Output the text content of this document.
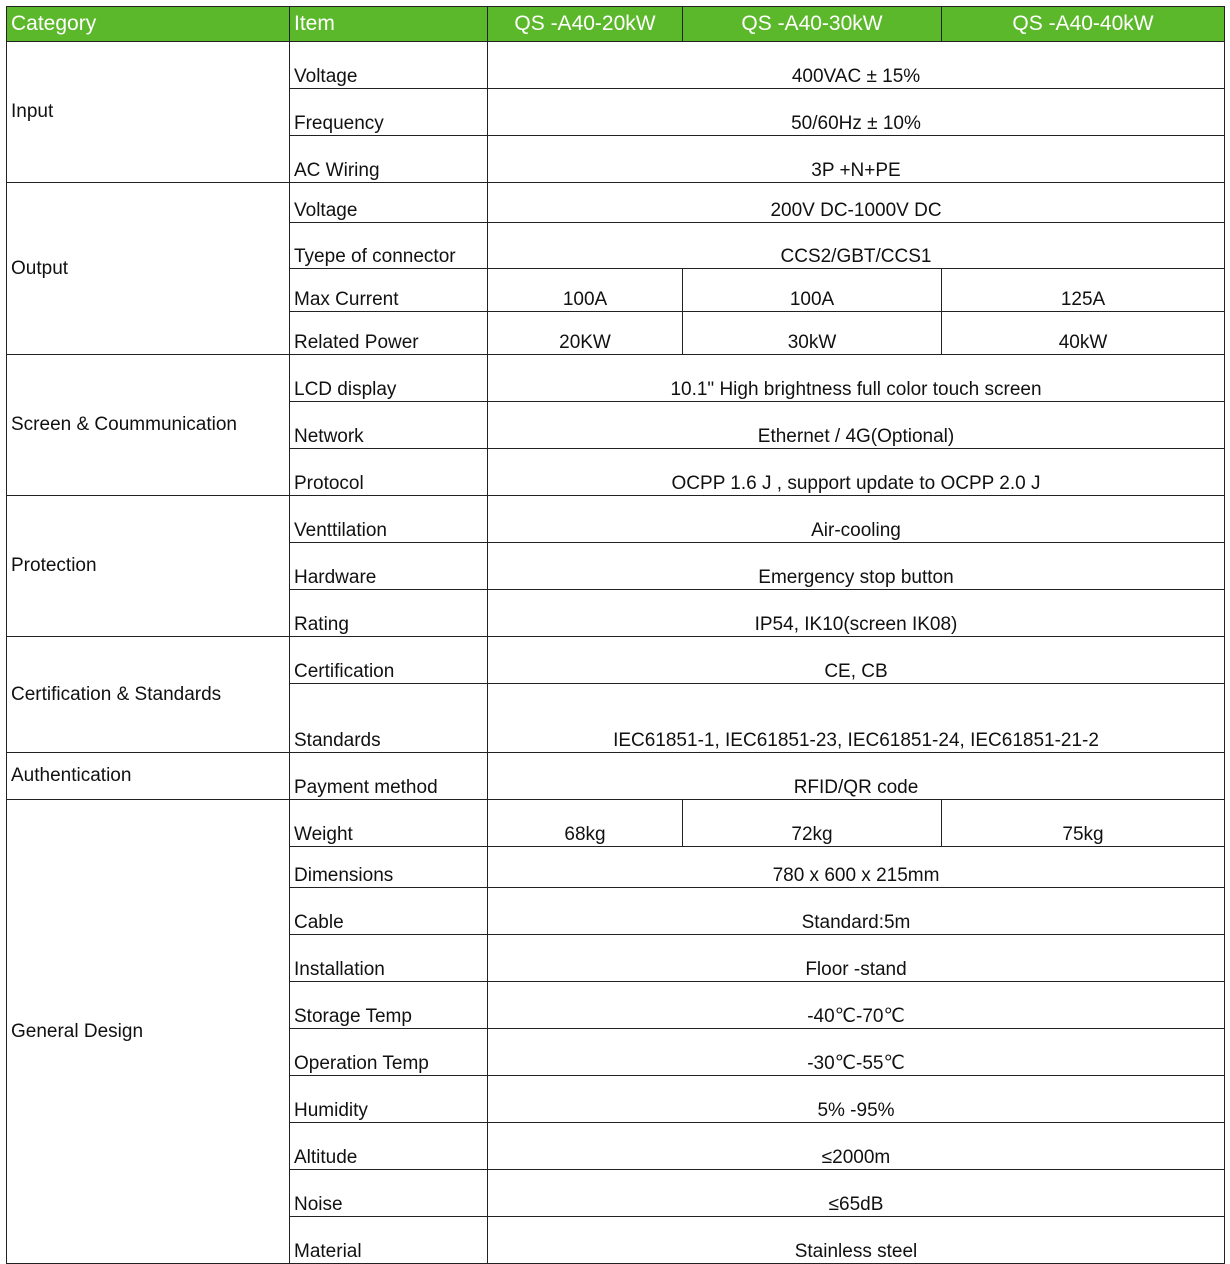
Category	Item	QS -A40-20kW	QS -A40-30kW	QS -A40-40kW
Input	Voltage	400VAC ± 15%		
	Frequency	50/60Hz ± 10%		
	AC Wiring	3P +N+PE		
Output	Voltage	200V DC-1000V DC		
	Tyepe of connector	CCS2/GBT/CCS1		
	Max Current	100A	100A	125A
	Related Power	20KW	30kW	40kW
Screen & Coummunication	LCD display	10.1" High brightness full color touch screen		
	Network	Ethernet / 4G(Optional)		
	Protocol	OCPP 1.6 J , support update to OCPP 2.0 J		
Protection	Venttilation	Air-cooling		
	Hardware	Emergency stop button		
	Rating	IP54, IK10(screen IK08)		
Certification & Standards	Certification	CE, CB		
	Standards	IEC61851-1, IEC61851-23, IEC61851-24, IEC61851-21-2		
Authentication	Payment method	RFID/QR code		
General Design	Weight	68kg	72kg	75kg
	Dimensions	780 x 600 x 215mm		
	Cable	Standard:5m		
	Installation	Floor -stand		
	Storage Temp	-40℃-70℃		
	Operation Temp	-30℃-55℃		
	Humidity	5% -95%		
	Altitude	≤2000m		
	Noise	≤65dB		
	Material	Stainless steel		
